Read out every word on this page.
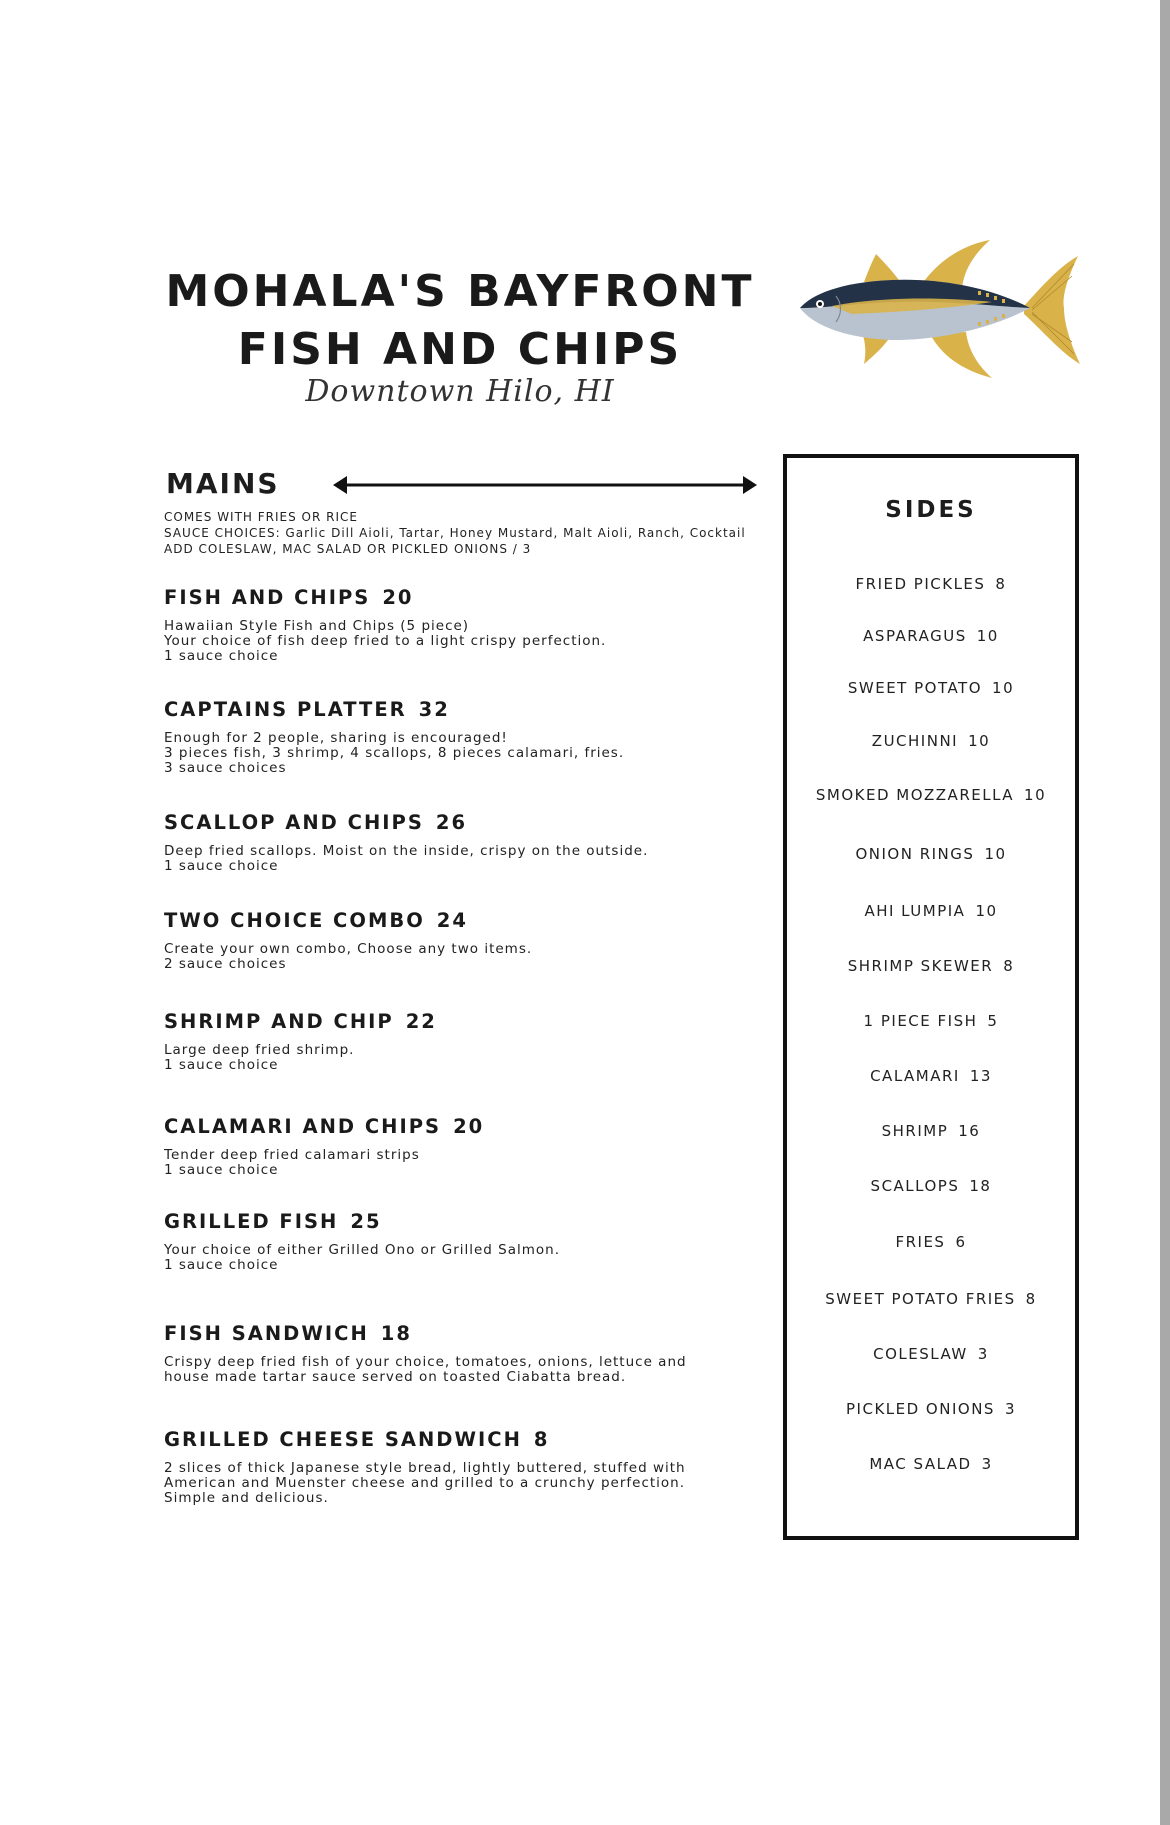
MOHALA'S BAYFRONT
FISH AND CHIPS
Downtown Hilo, HI
MAINS
COMES WITH FRIES OR RICE
SAUCE CHOICES: Garlic Dill Aioli, Tartar, Honey Mustard, Malt Aioli, Ranch, Cocktail
ADD COLESLAW, MAC SALAD OR PICKLED ONIONS / 3
FISH AND CHIPS 20
Hawaiian Style Fish and Chips (5 piece)
Your choice of fish deep fried to a light crispy perfection.
1 sauce choice
CAPTAINS PLATTER 32
Enough for 2 people, sharing is encouraged!
3 pieces fish, 3 shrimp, 4 scallops, 8 pieces calamari, fries.
3 sauce choices
SCALLOP AND CHIPS 26
Deep fried scallops. Moist on the inside, crispy on the outside.
1 sauce choice
TWO CHOICE COMBO 24
Create your own combo, Choose any two items.
2 sauce choices
SHRIMP AND CHIP 22
Large deep fried shrimp.
1 sauce choice
CALAMARI AND CHIPS 20
Tender deep fried calamari strips
1 sauce choice
GRILLED FISH 25
Your choice of either Grilled Ono or Grilled Salmon.
1 sauce choice
FISH SANDWICH 18
Crispy deep fried fish of your choice, tomatoes, onions, lettuce and
house made tartar sauce served on toasted Ciabatta bread.
GRILLED CHEESE SANDWICH 8
2 slices of thick Japanese style bread, lightly buttered, stuffed with
American and Muenster cheese and grilled to a crunchy perfection.
Simple and delicious.
SIDES
FRIED PICKLES 8
ASPARAGUS 10
SWEET POTATO 10
ZUCHINNI 10
SMOKED MOZZARELLA 10
ONION RINGS 10
AHI LUMPIA 10
SHRIMP SKEWER 8
1 PIECE FISH 5
CALAMARI 13
SHRIMP 16
SCALLOPS 18
FRIES 6
SWEET POTATO FRIES 8
COLESLAW 3
PICKLED ONIONS 3
MAC SALAD 3
